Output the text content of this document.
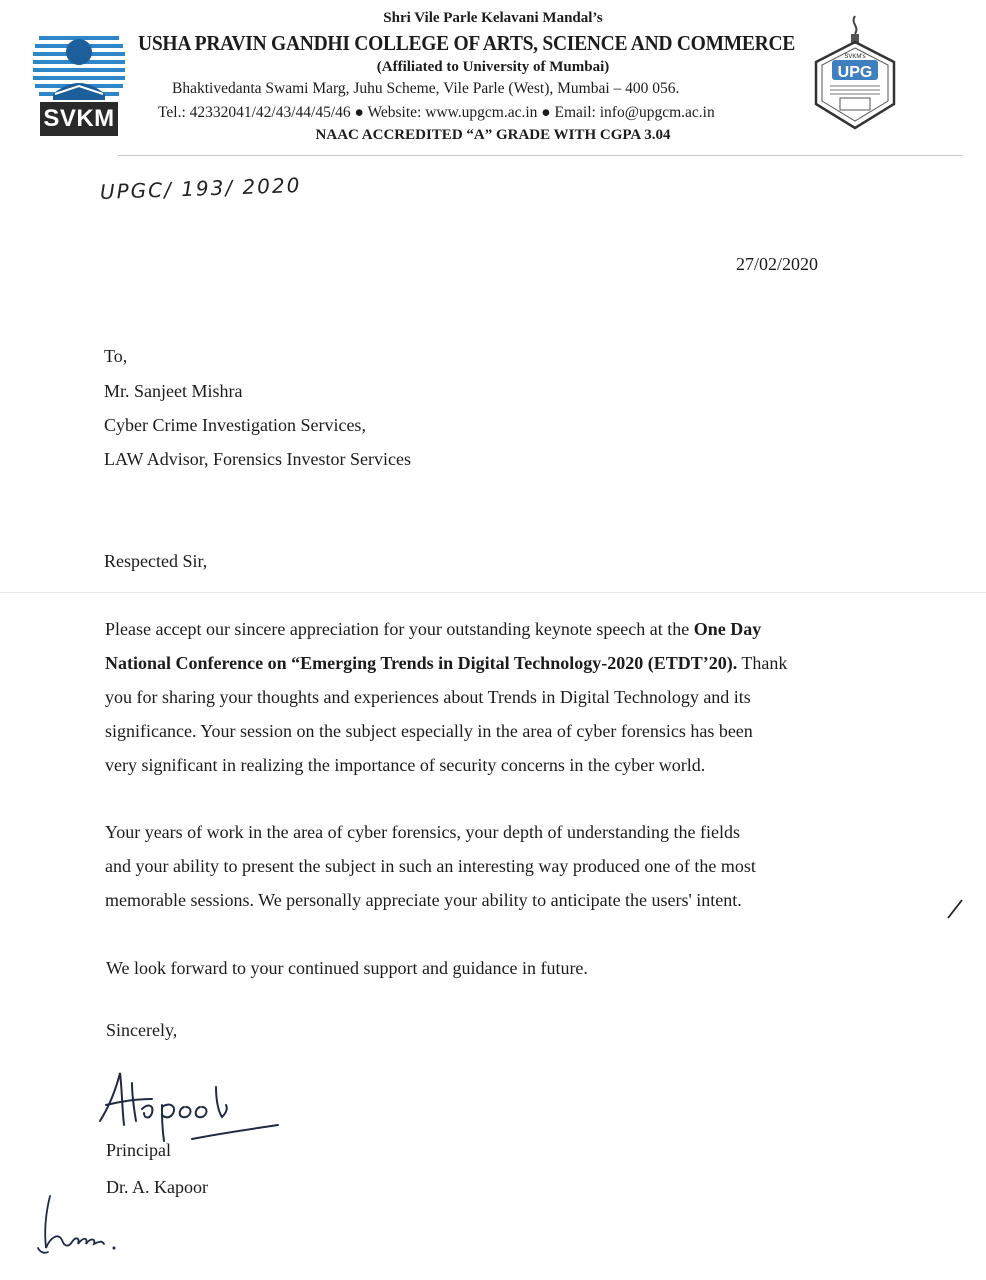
Shri Vile Parle Kelavani Mandal’s
USHA PRAVIN GANDHI COLLEGE OF ARTS, SCIENCE AND COMMERCE
(Affiliated to University of Mumbai)
Bhaktivedanta Swami Marg, Juhu Scheme, Vile Parle (West), Mumbai – 400 056.
Tel.: 42332041/42/43/44/45/46 ● Website: www.upgcm.ac.in ● Email: info@upgcm.ac.in
NAAC ACCREDITED “A” GRADE WITH CGPA 3.04
SVKM
SVKM's
UPG
UPGC/ 193/ 2020
27/02/2020
To,
Mr. Sanjeet Mishra
Cyber Crime Investigation Services,
LAW Advisor, Forensics Investor Services
Respected Sir,
Please accept our sincere appreciation for your outstanding keynote speech at the One Day
National Conference on “Emerging Trends in Digital Technology-2020 (ETDT’20). Thank
you for sharing your thoughts and experiences about Trends in Digital Technology and its
significance. Your session on the subject especially in the area of cyber forensics has been
very significant in realizing the importance of security concerns in the cyber world.
Your years of work in the area of cyber forensics, your depth of understanding the fields
and your ability to present the subject in such an interesting way produced one of the most
memorable sessions. We personally appreciate your ability to anticipate the users' intent.
We look forward to your continued support and guidance in future.
Sincerely,
Principal
Dr. A. Kapoor
